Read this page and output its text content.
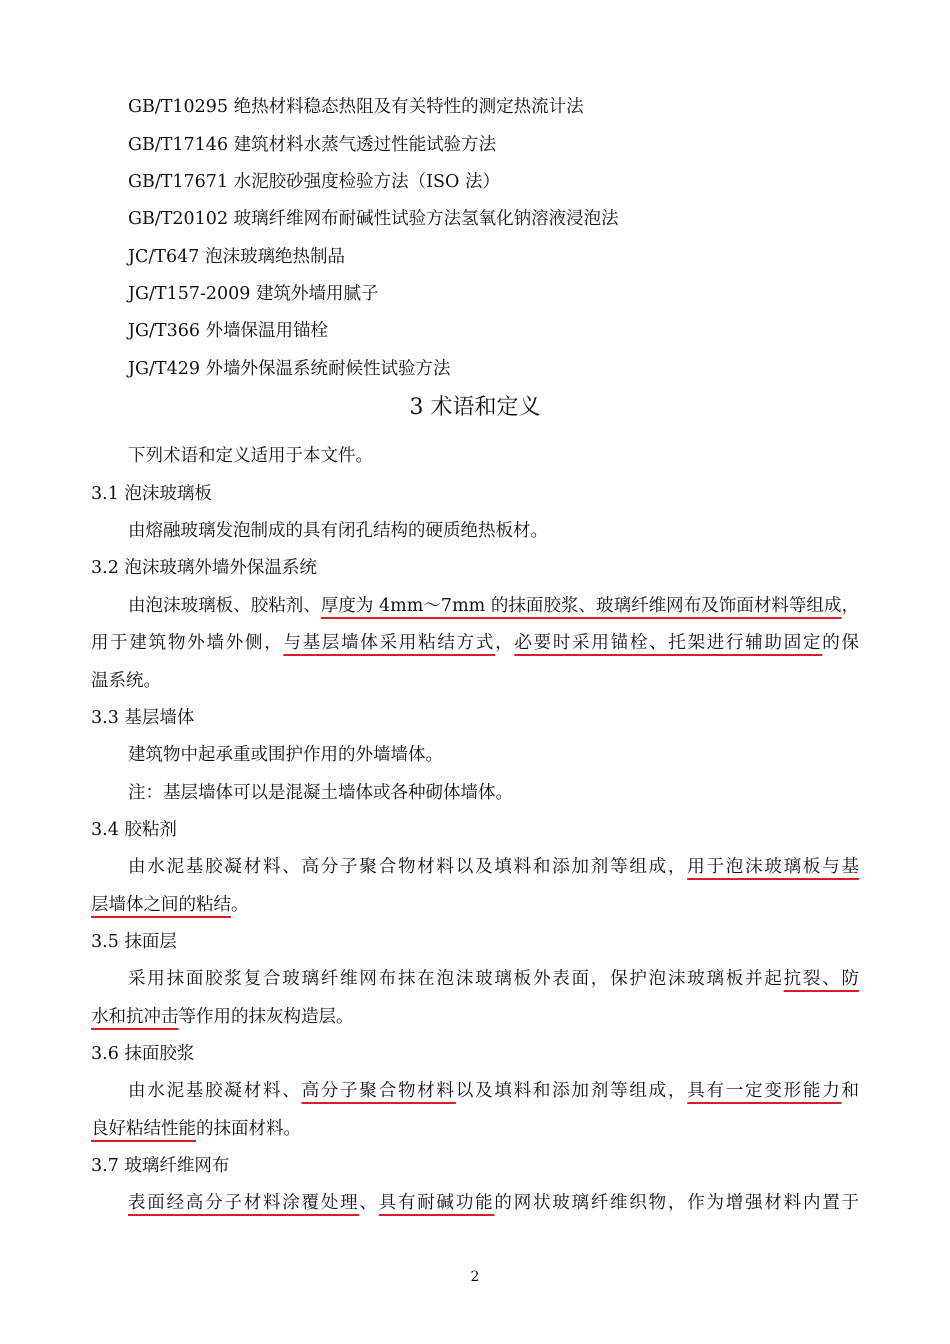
GB/T10295 绝热材料稳态热阻及有关特性的测定热流计法
GB/T17146 建筑材料水蒸气透过性能试验方法
GB/T17671 水泥胶砂强度检验方法（ISO 法）
GB/T20102 玻璃纤维网布耐碱性试验方法氢氧化钠溶液浸泡法
JC/T647 泡沫玻璃绝热制品
JG/T157-2009 建筑外墙用腻子
JG/T366 外墙保温用锚栓
JG/T429 外墙外保温系统耐候性试验方法
3 术语和定义
下列术语和定义适用于本文件。
3.1 泡沫玻璃板
由熔融玻璃发泡制成的具有闭孔结构的硬质绝热板材。
3.2 泡沫玻璃外墙外保温系统
由泡沫玻璃板、胶粘剂、厚度为 4mm～7mm 的抹面胶浆、玻璃纤维网布及饰面材料等组成，
用于建筑物外墙外侧，与基层墙体采用粘结方式，必要时采用锚栓、托架进行辅助固定的保
温系统。
3.3 基层墙体
建筑物中起承重或围护作用的外墙墙体。
注：基层墙体可以是混凝土墙体或各种砌体墙体。
3.4 胶粘剂
由水泥基胶凝材料、高分子聚合物材料以及填料和添加剂等组成，用于泡沫玻璃板与基
层墙体之间的粘结。
3.5 抹面层
采用抹面胶浆复合玻璃纤维网布抹在泡沫玻璃板外表面，保护泡沫玻璃板并起抗裂、防
水和抗冲击等作用的抹灰构造层。
3.6 抹面胶浆
由水泥基胶凝材料、高分子聚合物材料以及填料和添加剂等组成，具有一定变形能力和
良好粘结性能的抹面材料。
3.7 玻璃纤维网布
表面经高分子材料涂覆处理、具有耐碱功能的网状玻璃纤维织物，作为增强材料内置于
2
